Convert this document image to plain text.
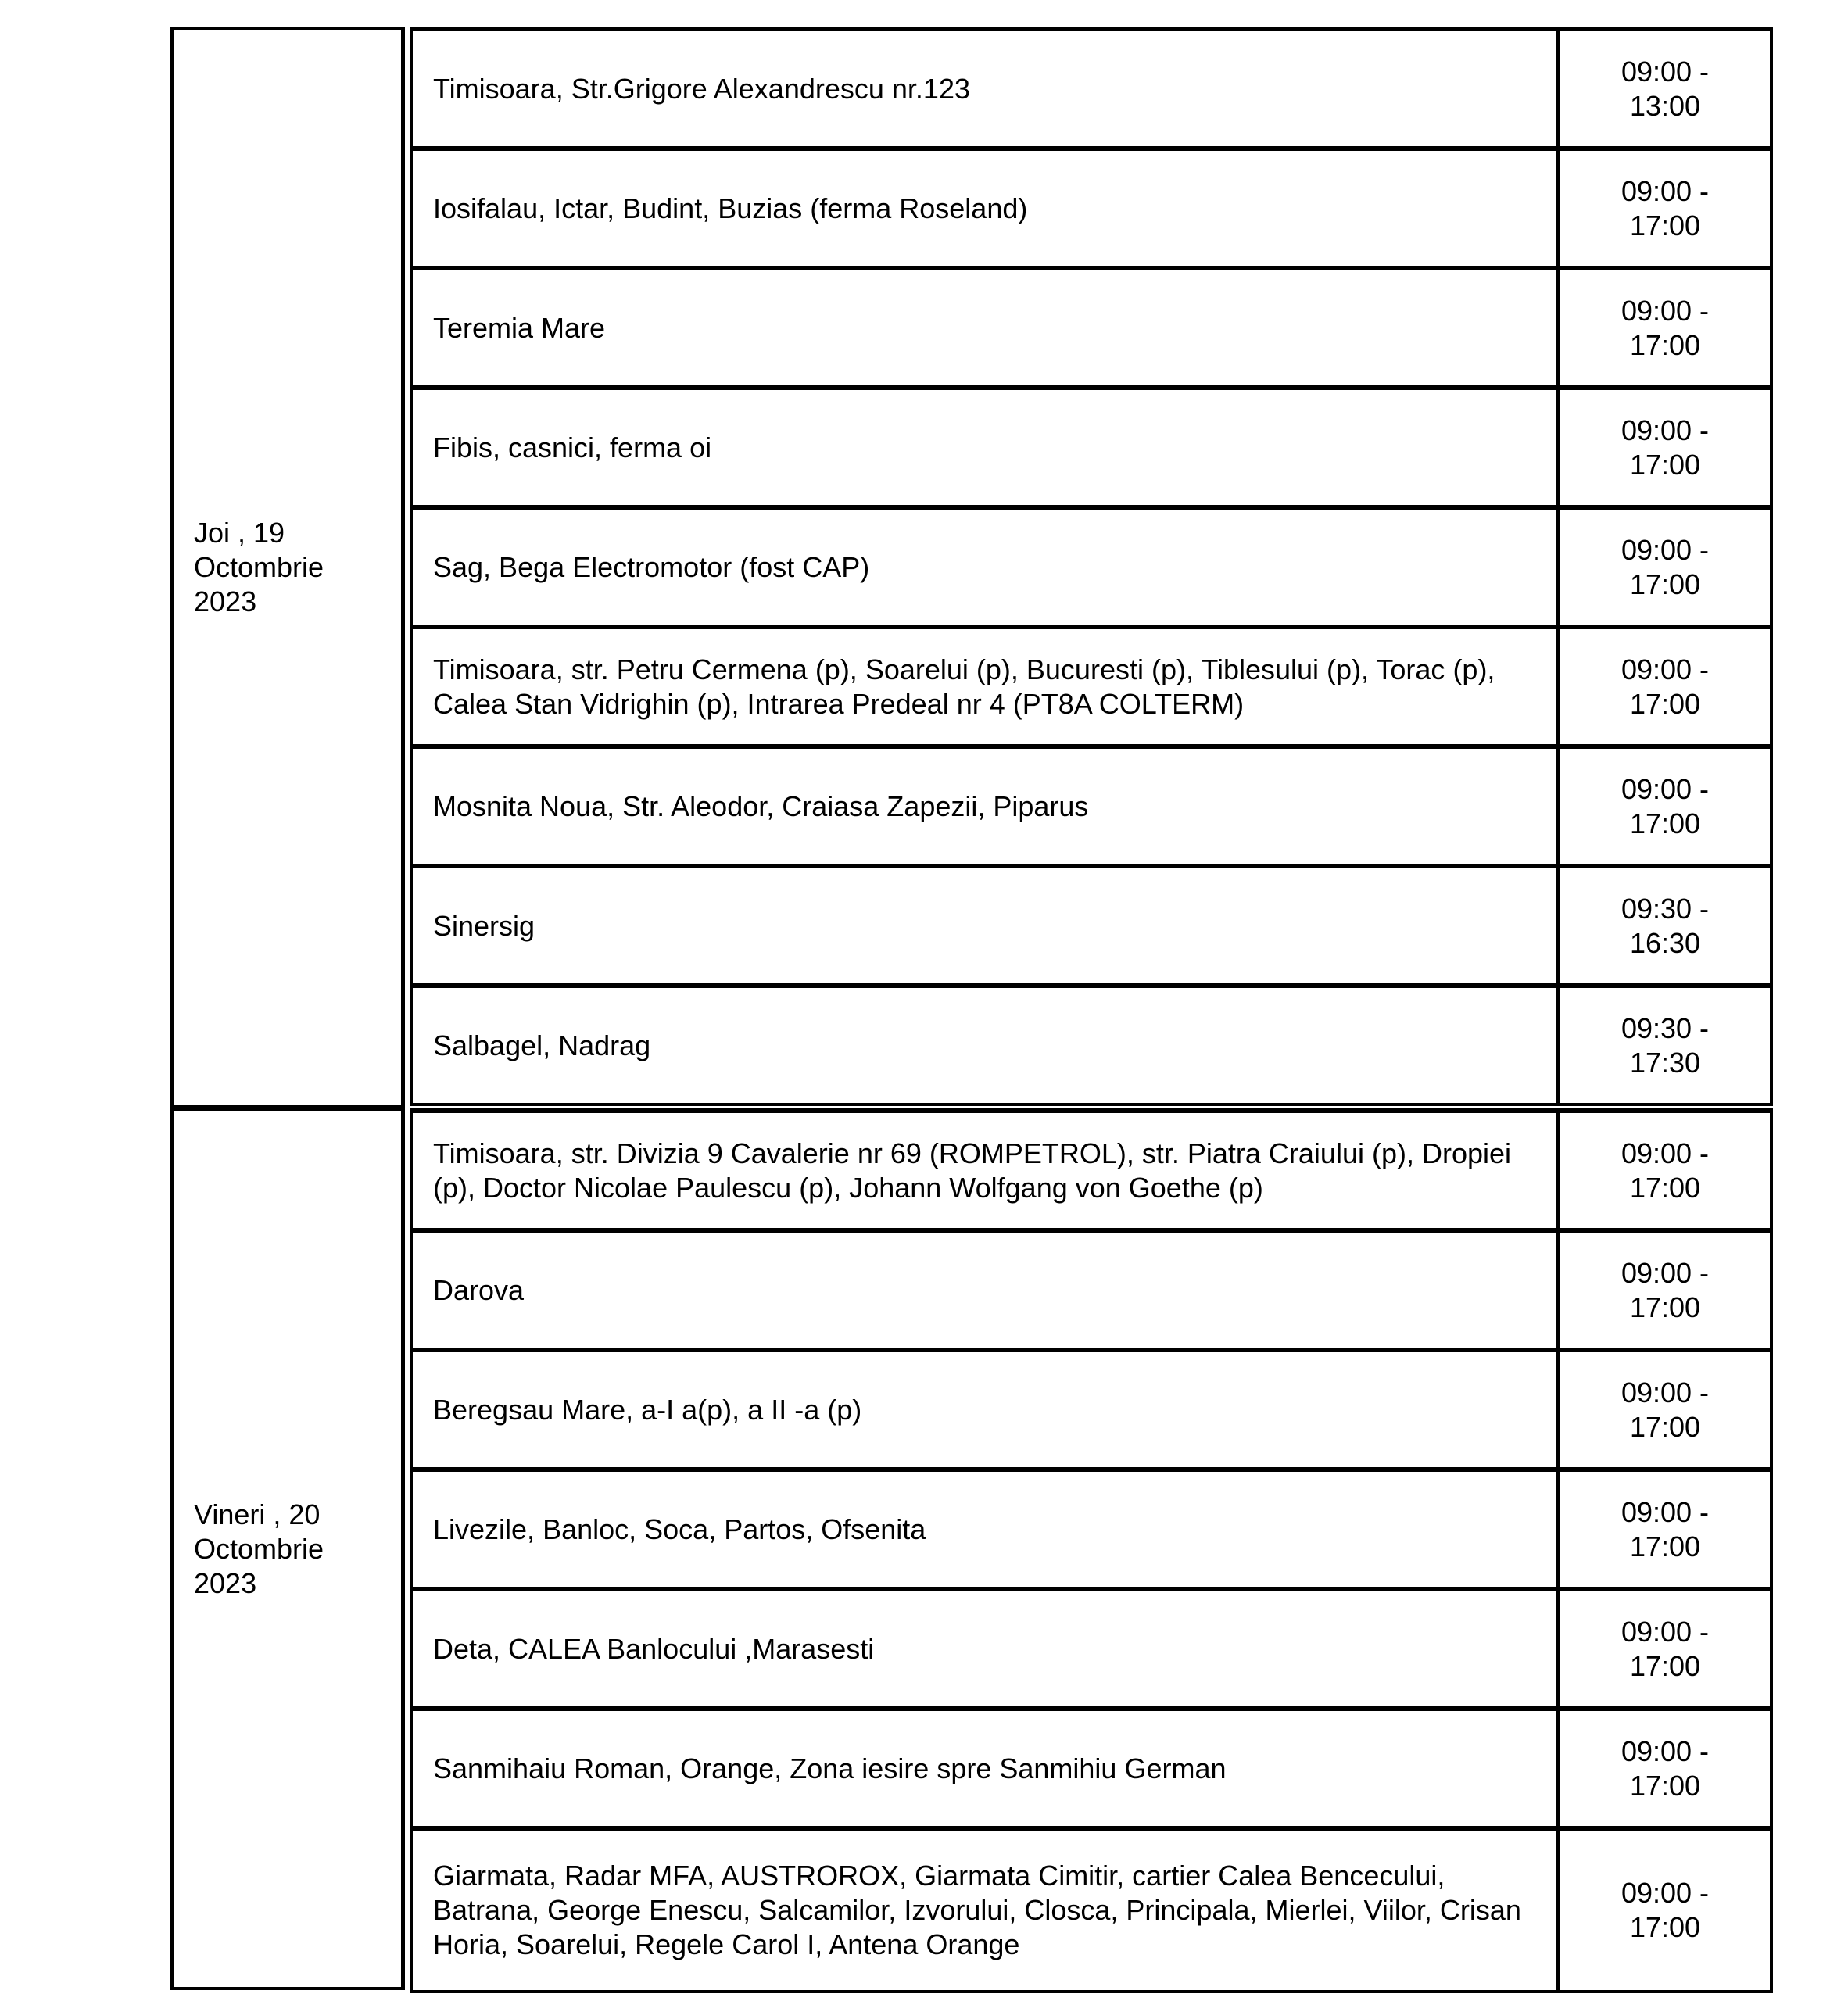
Joi , 19
Octombrie
2023
Timisoara, Str.Grigore Alexandrescu nr.123
09:00 -
13:00
Iosifalau, Ictar, Budint, Buzias (ferma Roseland)
09:00 -
17:00
Teremia Mare
09:00 -
17:00
Fibis, casnici, ferma oi
09:00 -
17:00
Sag, Bega Electromotor (fost CAP)
09:00 -
17:00
Timisoara, str. Petru Cermena (p), Soarelui (p), Bucuresti (p), Tiblesului (p), Torac (p), Calea Stan Vidrighin (p), Intrarea Predeal nr 4 (PT8A COLTERM)
09:00 -
17:00
Mosnita Noua, Str. Aleodor, Craiasa Zapezii, Piparus
09:00 -
17:00
Sinersig
09:30 -
16:30
Salbagel, Nadrag
09:30 -
17:30
Vineri , 20
Octombrie
2023
Timisoara, str. Divizia 9 Cavalerie nr 69 (ROMPETROL), str. Piatra Craiului (p), Dropiei (p), Doctor Nicolae Paulescu (p), Johann Wolfgang von Goethe (p)
09:00 -
17:00
Darova
09:00 -
17:00
Beregsau Mare, a-I a(p), a II -a (p)
09:00 -
17:00
Livezile, Banloc, Soca, Partos, Ofsenita
09:00 -
17:00
Deta, CALEA Banlocului ,Marasesti
09:00 -
17:00
Sanmihaiu Roman, Orange, Zona iesire spre Sanmihiu German
09:00 -
17:00
Giarmata, Radar MFA, AUSTROROX, Giarmata Cimitir, cartier Calea Bencecului, Batrana, George Enescu, Salcamilor, Izvorului, Closca, Principala, Mierlei, Viilor, Crisan Horia, Soarelui, Regele Carol I, Antena Orange
09:00 -
17:00
